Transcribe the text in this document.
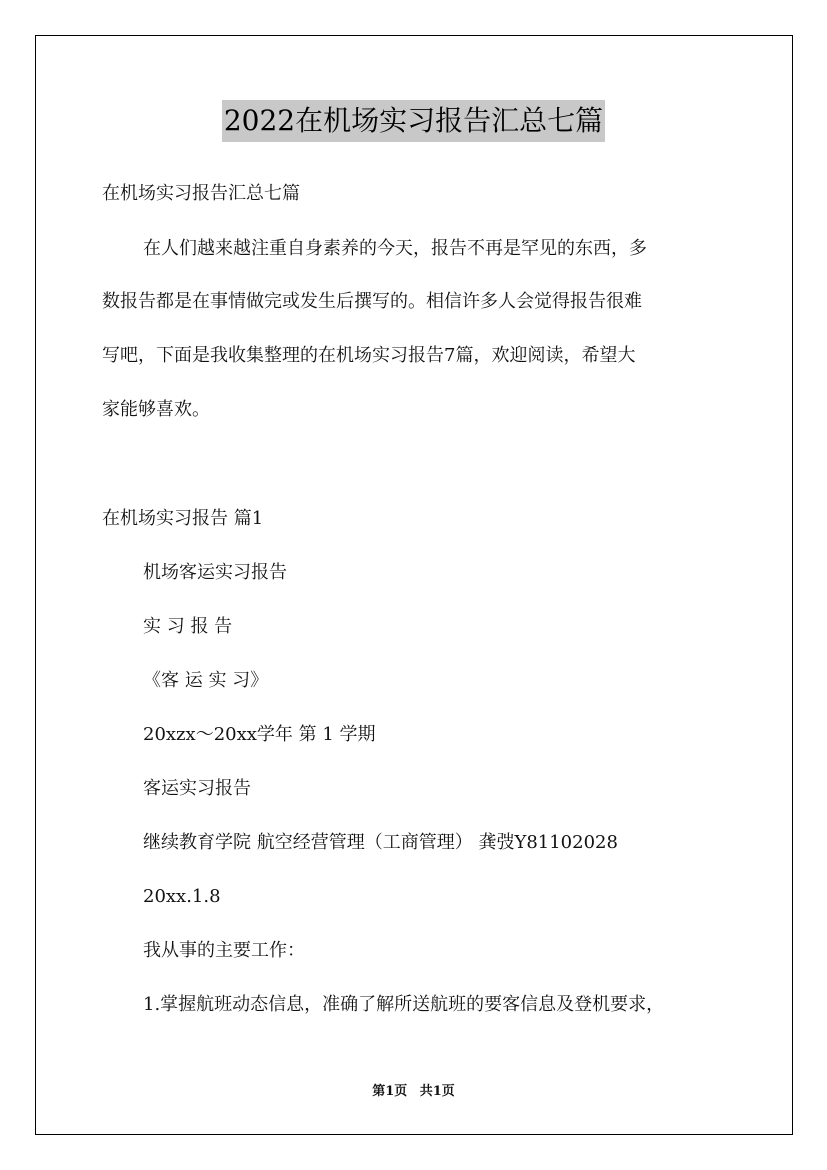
2022在机场实习报告汇总七篇
在机场实习报告汇总七篇
在人们越来越注重自身素养的今天，报告不再是罕见的东西，多
数报告都是在事情做完或发生后撰写的。相信许多人会觉得报告很难
写吧，下面是我收集整理的在机场实习报告7篇，欢迎阅读，希望大
家能够喜欢。
在机场实习报告 篇1
机场客运实习报告
实 习 报 告
《客 运 实 习》
20xzx～20xx学年 第 1 学期
客运实习报告
继续教育学院 航空经营管理（工商管理） 龚弢Y81102028
20xx.1.8
我从事的主要工作：
1.掌握航班动态信息，准确了解所送航班的要客信息及登机要求，
第1页 共1页
